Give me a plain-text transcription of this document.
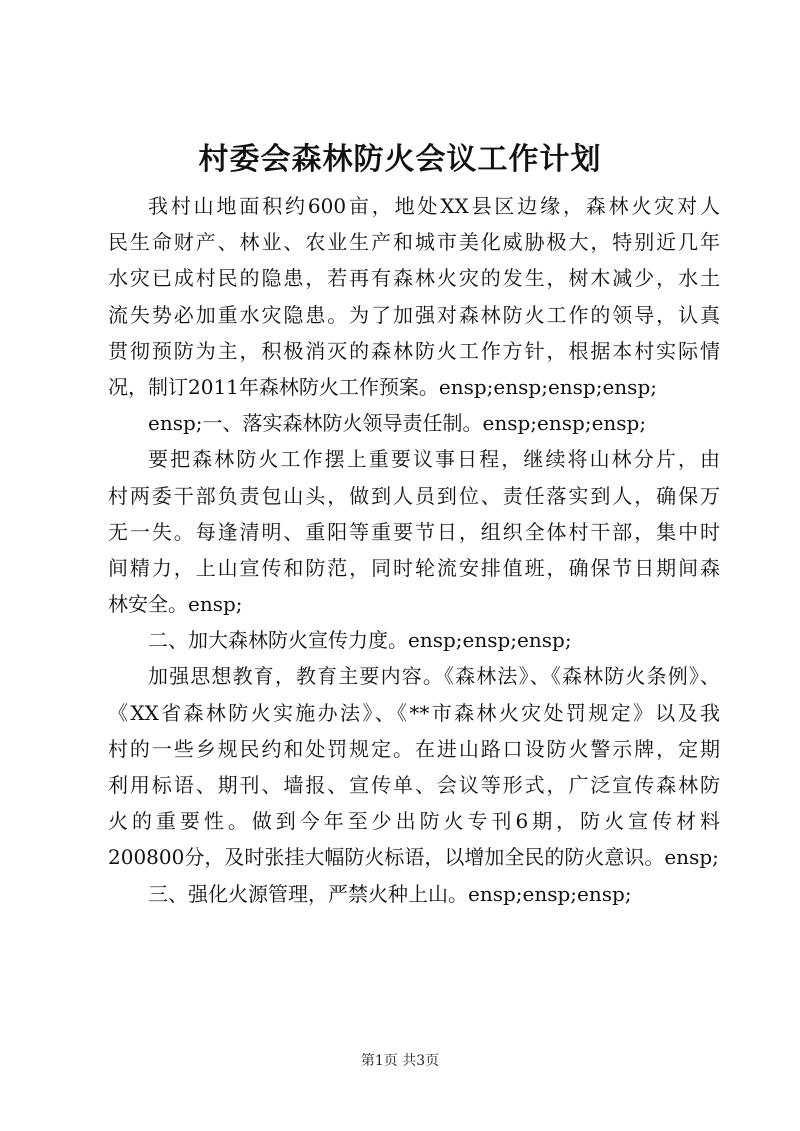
村委会森林防火会议工作计划
我村山地面积约600亩，地处XX县区边缘，森林火灾对人
民生命财产、林业、农业生产和城市美化威胁极大，特别近几年
水灾已成村民的隐患，若再有森林火灾的发生，树木减少，水土
流失势必加重水灾隐患。为了加强对森林防火工作的领导，认真
贯彻预防为主，积极消灭的森林防火工作方针，根据本村实际情
况，制订2011年森林防火工作预案。ensp;ensp;ensp;ensp;
ensp;一、落实森林防火领导责任制。ensp;ensp;ensp;
要把森林防火工作摆上重要议事日程，继续将山林分片，由
村两委干部负责包山头，做到人员到位、责任落实到人，确保万
无一失。每逢清明、重阳等重要节日，组织全体村干部，集中时
间精力，上山宣传和防范，同时轮流安排值班，确保节日期间森
林安全。ensp;
二、加大森林防火宣传力度。ensp;ensp;ensp;
加强思想教育，教育主要内容。《森林法》、《森林防火条例》、
《XX省森林防火实施办法》、《**市森林火灾处罚规定》以及我
村的一些乡规民约和处罚规定。在进山路口设防火警示牌，定期
利用标语、期刊、墙报、宣传单、会议等形式，广泛宣传森林防
火的重要性。做到今年至少出防火专刊6期，防火宣传材料
200800分，及时张挂大幅防火标语，以增加全民的防火意识。ensp;
三、强化火源管理，严禁火种上山。ensp;ensp;ensp;
第1页 共3页
